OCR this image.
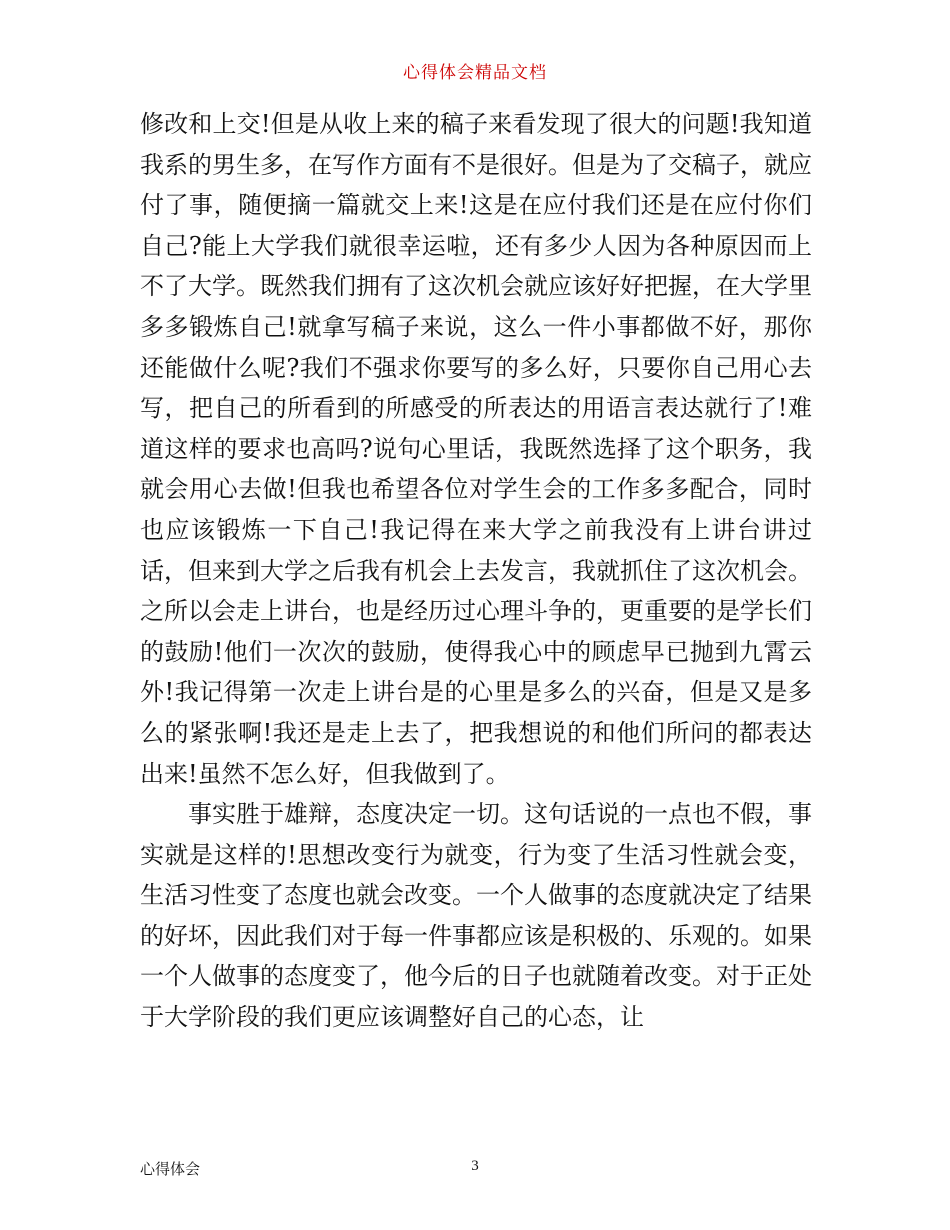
心得体会精品文档

修改和上交!但是从收上来的稿子来看发现了很大的问题!我知道我系的男生多，在写作方面有不是很好。但是为了交稿子，就应付了事，随便摘一篇就交上来!这是在应付我们还是在应付你们自己?能上大学我们就很幸运啦，还有多少人因为各种原因而上不了大学。既然我们拥有了这次机会就应该好好把握，在大学里多多锻炼自己!就拿写稿子来说，这么一件小事都做不好，那你还能做什么呢?我们不强求你要写的多么好，只要你自己用心去写，把自己的所看到的所感受的所表达的用语言表达就行了!难道这样的要求也高吗?说句心里话，我既然选择了这个职务，我就会用心去做!但我也希望各位对学生会的工作多多配合，同时也应该锻炼一下自己!我记得在来大学之前我没有上讲台讲过话，但来到大学之后我有机会上去发言，我就抓住了这次机会。之所以会走上讲台，也是经历过心理斗争的，更重要的是学长们的鼓励!他们一次次的鼓励，使得我心中的顾虑早已抛到九霄云外!我记得第一次走上讲台是的心里是多么的兴奋，但是又是多么的紧张啊!我还是走上去了，把我想说的和他们所问的都表达出来!虽然不怎么好，但我做到了。

事实胜于雄辩，态度决定一切。这句话说的一点也不假，事实就是这样的!思想改变行为就变，行为变了生活习性就会变，生活习性变了态度也就会改变。一个人做事的态度就决定了结果的好坏，因此我们对于每一件事都应该是积极的、乐观的。如果一个人做事的态度变了，他今后的日子也就随着改变。对于正处于大学阶段的我们更应该调整好自己的心态，让

心得体会	3
